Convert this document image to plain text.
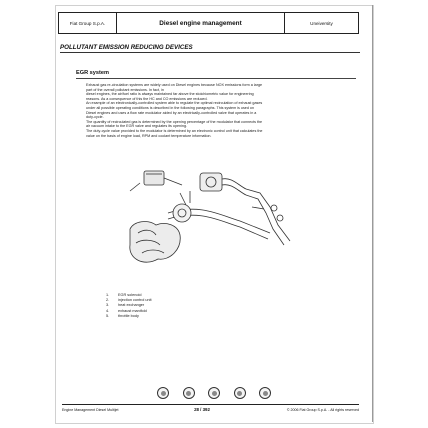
Fiat Group S.p.A.	Diesel engine management	Uneiversity
POLLUTANT EMISSION REDUCING DEVICES
EGR system

Exhaust gas re-circulation systems are widely used on Diesel engines because NOX emissions form a large

part of the overall pollutant emissions. In fact, in

diesel engines, the air/fuel ratio is always maintained far above the stoichiometric value for engineering

reasons. As a consequence of this the HC and CO emissions are reduced.

An example of an electronically-controlled system able to regulate the optimal recirculation of exhaust gases

under all possible operating conditions is described in the following paragraphs. This system is used on

Diesel engines and uses a flow rate modulator aided by an electrically-controlled valve that operates in a

duty-cycle.

The quantity of recirculated gas is determined by the opening percentage of the modulator that connects the

air vacuum intake to the EGR valve and regulates its opening.

The duty-cycle value provided to the modulator is determined by an electronic control unit that calculates the

value on the basis of engine load, RPM and coolant temperature information.

1.	EGR solenoid
2.	injection control unit
3.	heat exchanger
4.	exhaust manifold
5.	throttle body
Engine Management Diesel Multijet	28 / 392	© 2006 Fiat Group S.p.A. - All rights reserved
